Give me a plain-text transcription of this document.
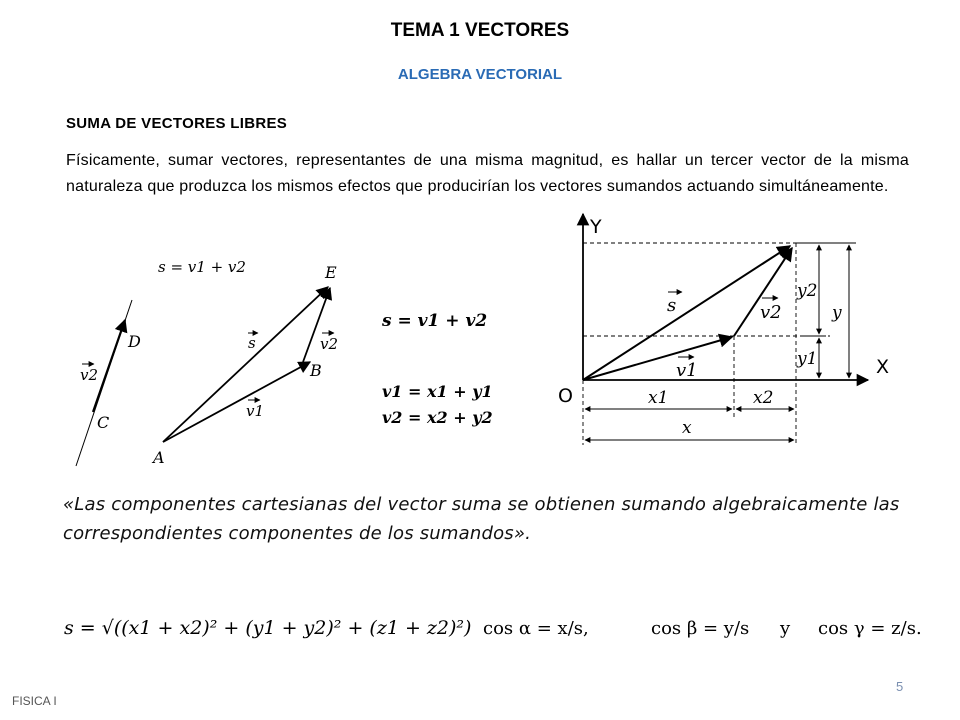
TEMA 1 VECTORES
ALGEBRA VECTORIAL
SUMA DE VECTORES LIBRES
Físicamente, sumar vectores, representantes de una misma magnitud, es hallar un tercer vector de la misma naturaleza que produzca los mismos efectos que producirían los vectores sumandos actuando simultáneamente.
s = v1 + v2
D
C
A
B
E
v2
v1
v2
s
s = v1 + v2
v1 = x1 + y1
v2 = x2 + y2
Y
X
O
s
v1
v2
x1	x2
x
y2
y1
y
«Las componentes cartesianas del vector suma se obtienen sumando algebraicamente las correspondientes componentes de los sumandos».
s = √((x1 + x2)² + (y1 + y2)² + (z1 + z2)²) cos α = x/s,	cos β = y/s y cos γ = z/s.
5
FISICA I
